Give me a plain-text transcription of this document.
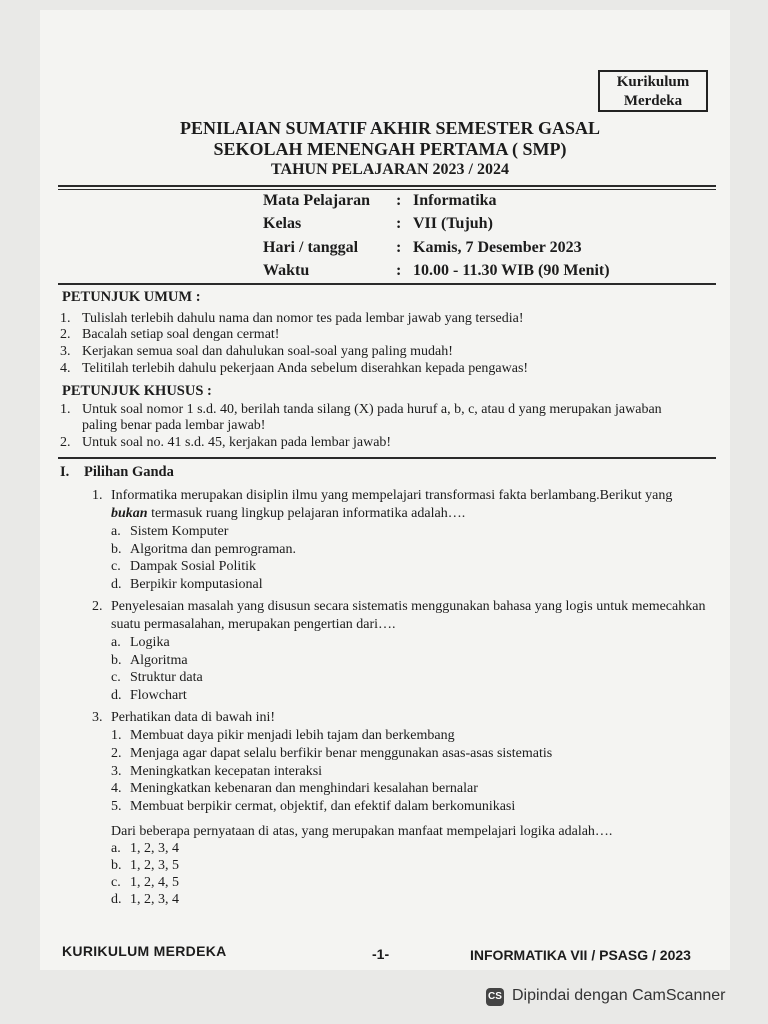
Kurikulum
Merdeka
PENILAIAN SUMATIF AKHIR SEMESTER GASAL
SEKOLAH MENENGAH PERTAMA ( SMP)
TAHUN PELAJARAN 2023 / 2024
Mata Pelajaran : Informatika
Kelas	: VII (Tujuh)
Hari / tanggal : Kamis, 7 Desember 2023
Waktu	: 10.00 - 11.30 WIB (90 Menit)
PETUNJUK UMUM :
1. Tulislah terlebih dahulu nama dan nomor tes pada lembar jawab yang tersedia!
2. Bacalah setiap soal dengan cermat!
3. Kerjakan semua soal dan dahulukan soal-soal yang paling mudah!
4. Telitilah terlebih dahulu pekerjaan Anda sebelum diserahkan kepada pengawas!
PETUNJUK KHUSUS :
1. Untuk soal nomor 1 s.d. 40, berilah tanda silang (X) pada huruf a, b, c, atau d yang merupakan jawaban
paling benar pada lembar jawab!
2. Untuk soal no. 41 s.d. 45, kerjakan pada lembar jawab!
I. Pilihan Ganda
1. Informatika merupakan disiplin ilmu yang mempelajari transformasi fakta berlambang.Berikut yang
bukan termasuk ruang lingkup pelajaran informatika adalah….
a. Sistem Komputer
b. Algoritma dan pemrograman.
c. Dampak Sosial Politik
d. Berpikir komputasional
2. Penyelesaian masalah yang disusun secara sistematis menggunakan bahasa yang logis untuk memecahkan
suatu permasalahan, merupakan pengertian dari….
a. Logika
b. Algoritma
c. Struktur data
d. Flowchart
3. Perhatikan data di bawah ini!
1. Membuat daya pikir menjadi lebih tajam dan berkembang
2. Menjaga agar dapat selalu berfikir benar menggunakan asas-asas sistematis
3. Meningkatkan kecepatan interaksi
4. Meningkatkan kebenaran dan menghindari kesalahan bernalar
5. Membuat berpikir cermat, objektif, dan efektif dalam berkomunikasi
Dari beberapa pernyataan di atas, yang merupakan manfaat mempelajari logika adalah….
a. 1, 2, 3, 4
b. 1, 2, 3, 5
c. 1, 2, 4, 5
d. 1, 2, 3, 4
KURIKULUM MERDEKA	-1-	INFORMATIKA VII / PSASG / 2023
CS Dipindai dengan CamScanner
